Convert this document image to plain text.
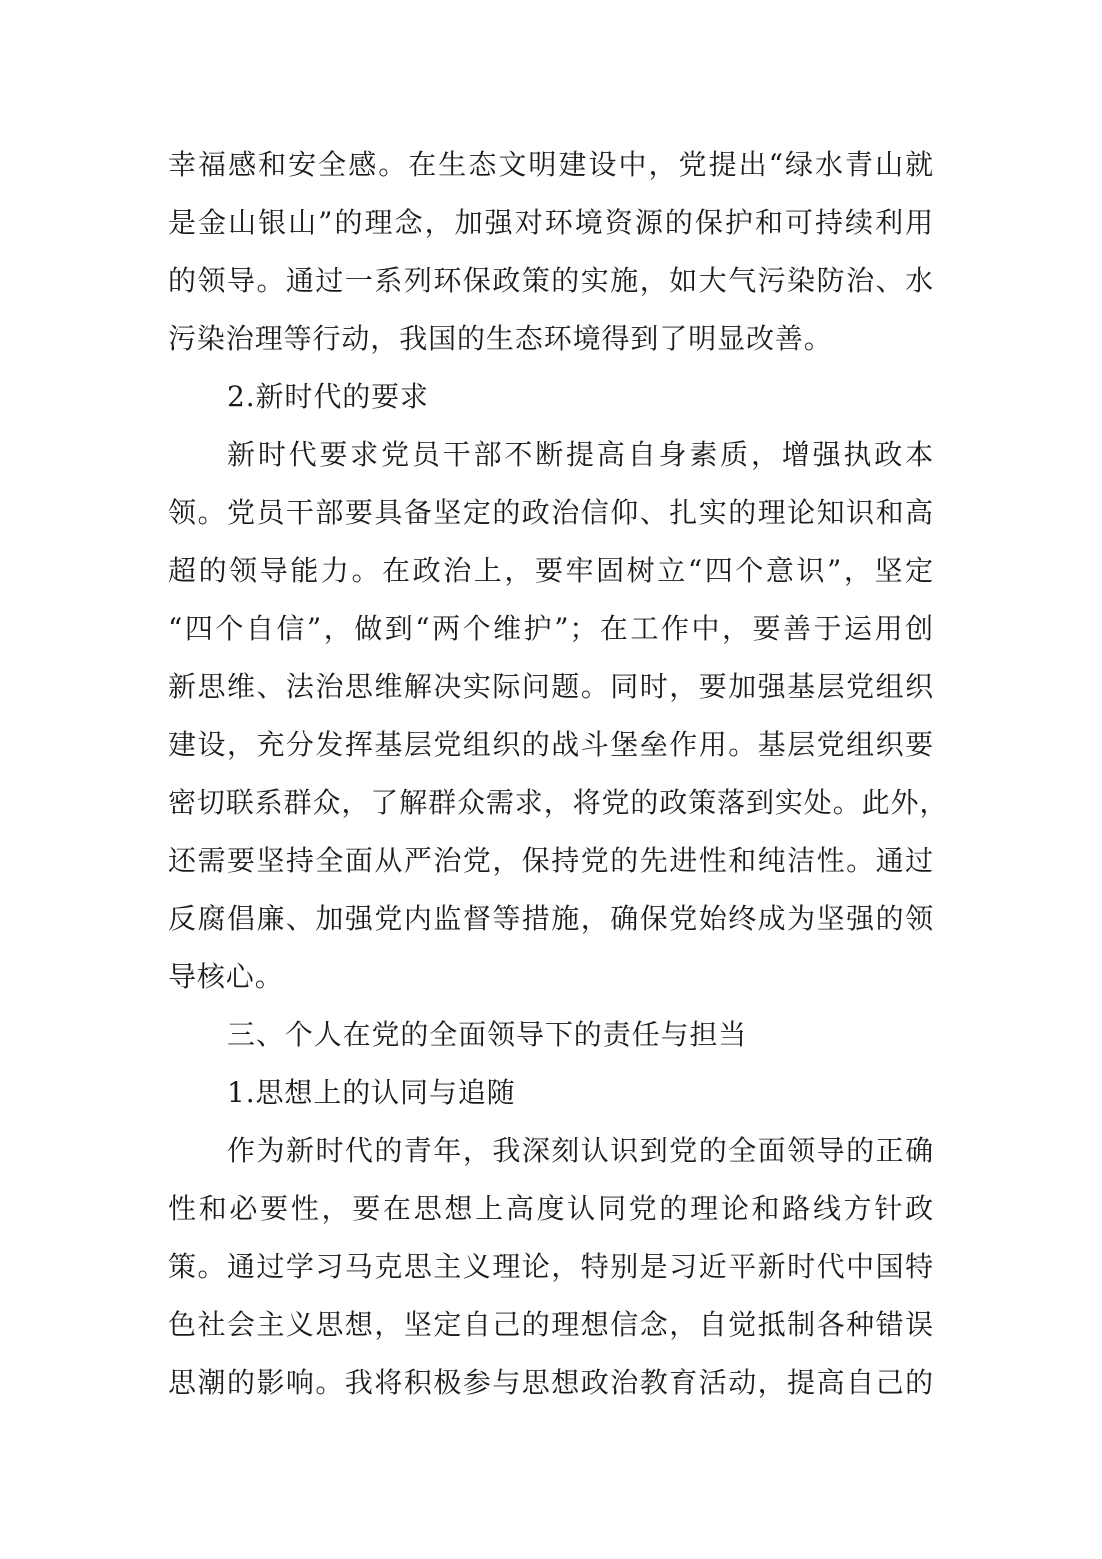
幸福感和安全感。在生态文明建设中，党提出“绿水青山就
是金山银山”的理念，加强对环境资源的保护和可持续利用
的领导。通过一系列环保政策的实施，如大气污染防治、水
污染治理等行动，我国的生态环境得到了明显改善。
2.新时代的要求
新时代要求党员干部不断提高自身素质，增强执政本
领。党员干部要具备坚定的政治信仰、扎实的理论知识和高
超的领导能力。在政治上，要牢固树立“四个意识”，坚定
“四个自信”，做到“两个维护”；在工作中，要善于运用创
新思维、法治思维解决实际问题。同时，要加强基层党组织
建设，充分发挥基层党组织的战斗堡垒作用。基层党组织要
密切联系群众，了解群众需求，将党的政策落到实处。此外，
还需要坚持全面从严治党，保持党的先进性和纯洁性。通过
反腐倡廉、加强党内监督等措施，确保党始终成为坚强的领
导核心。
三、个人在党的全面领导下的责任与担当
1.思想上的认同与追随
作为新时代的青年，我深刻认识到党的全面领导的正确
性和必要性，要在思想上高度认同党的理论和路线方针政
策。通过学习马克思主义理论，特别是习近平新时代中国特
色社会主义思想，坚定自己的理想信念，自觉抵制各种错误
思潮的影响。我将积极参与思想政治教育活动，提高自己的
